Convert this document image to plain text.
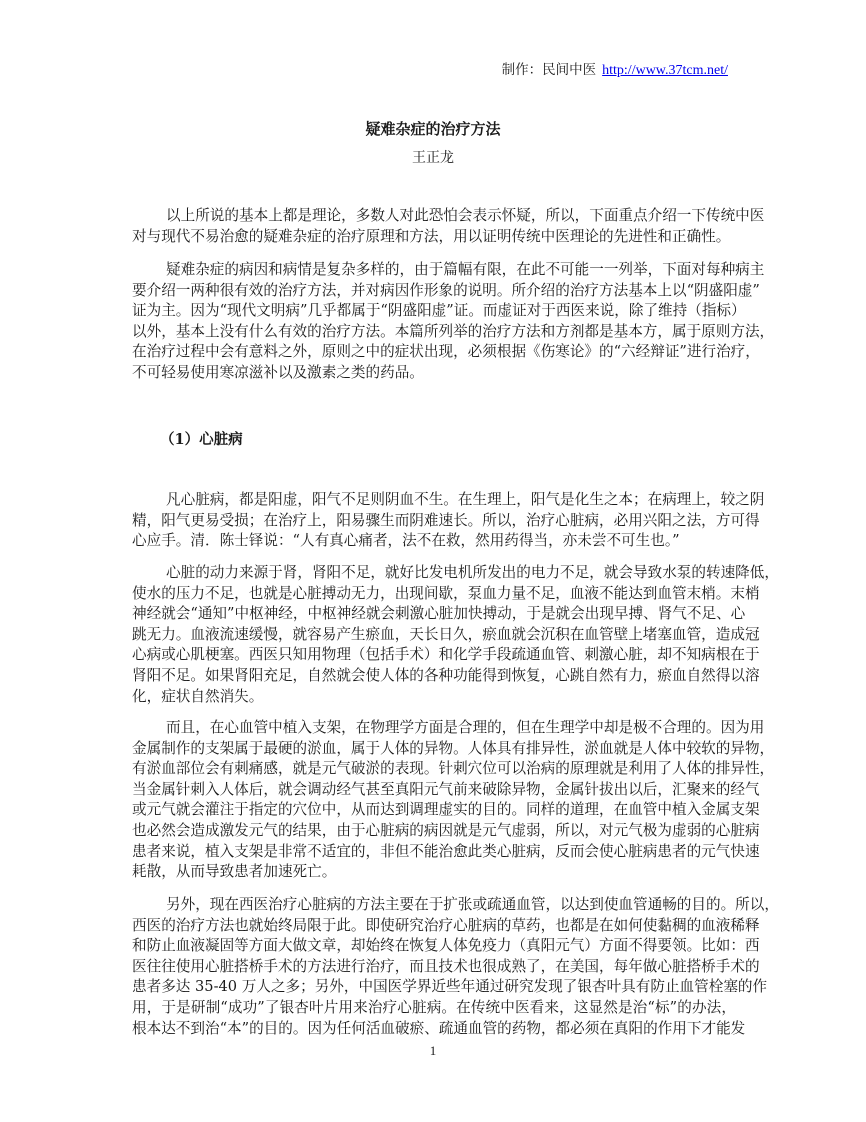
制作：民间中医 http://www.37tcm.net/
疑难杂症的治疗方法
王正龙
以上所说的基本上都是理论，多数人对此恐怕会表示怀疑，所以，下面重点介绍一下传统中医
对与现代不易治愈的疑难杂症的治疗原理和方法，用以证明传统中医理论的先进性和正确性。
疑难杂症的病因和病情是复杂多样的，由于篇幅有限，在此不可能一一列举，下面对每种病主
要介绍一两种很有效的治疗方法，并对病因作形象的说明。所介绍的治疗方法基本上以“阴盛阳虚”
证为主。因为“现代文明病”几乎都属于“阴盛阳虚”证。而虚证对于西医来说，除了维持（指标）
以外，基本上没有什么有效的治疗方法。本篇所列举的治疗方法和方剂都是基本方，属于原则方法，
在治疗过程中会有意料之外，原则之中的症状出现，必须根据《伤寒论》的“六经辩证”进行治疗，
不可轻易使用寒凉滋补以及激素之类的药品。
（1）心脏病
凡心脏病，都是阳虚，阳气不足则阴血不生。在生理上，阳气是化生之本；在病理上，较之阴
精，阳气更易受损；在治疗上，阳易骤生而阴难速长。所以，治疗心脏病，必用兴阳之法，方可得
心应手。清．陈士铎说：“人有真心痛者，法不在救，然用药得当，亦未尝不可生也。”
心脏的动力来源于肾，肾阳不足，就好比发电机所发出的电力不足，就会导致水泵的转速降低，
使水的压力不足，也就是心脏搏动无力，出现间歇，泵血力量不足，血液不能达到血管末梢。末梢
神经就会“通知”中枢神经，中枢神经就会刺激心脏加快搏动，于是就会出现早搏、肾气不足、心
跳无力。血液流速缓慢，就容易产生瘀血，天长日久，瘀血就会沉积在血管壁上堵塞血管，造成冠
心病或心肌梗塞。西医只知用物理（包括手术）和化学手段疏通血管、刺激心脏，却不知病根在于
肾阳不足。如果肾阳充足，自然就会使人体的各种功能得到恢复，心跳自然有力，瘀血自然得以溶
化，症状自然消失。
而且，在心血管中植入支架，在物理学方面是合理的，但在生理学中却是极不合理的。因为用
金属制作的支架属于最硬的淤血，属于人体的异物。人体具有排异性，淤血就是人体中较软的异物，
有淤血部位会有刺痛感，就是元气破淤的表现。针刺穴位可以治病的原理就是利用了人体的排异性，
当金属针刺入人体后，就会调动经气甚至真阳元气前来破除异物，金属针拔出以后，汇聚来的经气
或元气就会灌注于指定的穴位中，从而达到调理虚实的目的。同样的道理，在血管中植入金属支架
也必然会造成激发元气的结果，由于心脏病的病因就是元气虚弱，所以，对元气极为虚弱的心脏病
患者来说，植入支架是非常不适宜的，非但不能治愈此类心脏病，反而会使心脏病患者的元气快速
耗散，从而导致患者加速死亡。
另外，现在西医治疗心脏病的方法主要在于扩张或疏通血管，以达到使血管通畅的目的。所以，
西医的治疗方法也就始终局限于此。即使研究治疗心脏病的草药，也都是在如何使黏稠的血液稀释
和防止血液凝固等方面大做文章，却始终在恢复人体免疫力（真阳元气）方面不得要领。比如：西
医往往使用心脏搭桥手术的方法进行治疗，而且技术也很成熟了，在美国，每年做心脏搭桥手术的
患者多达 35-40 万人之多；另外，中国医学界近些年通过研究发现了银杏叶具有防止血管栓塞的作
用，于是研制“成功”了银杏叶片用来治疗心脏病。在传统中医看来，这显然是治“标”的办法，
根本达不到治“本”的目的。因为任何活血破瘀、疏通血管的药物，都必须在真阳的作用下才能发
1
